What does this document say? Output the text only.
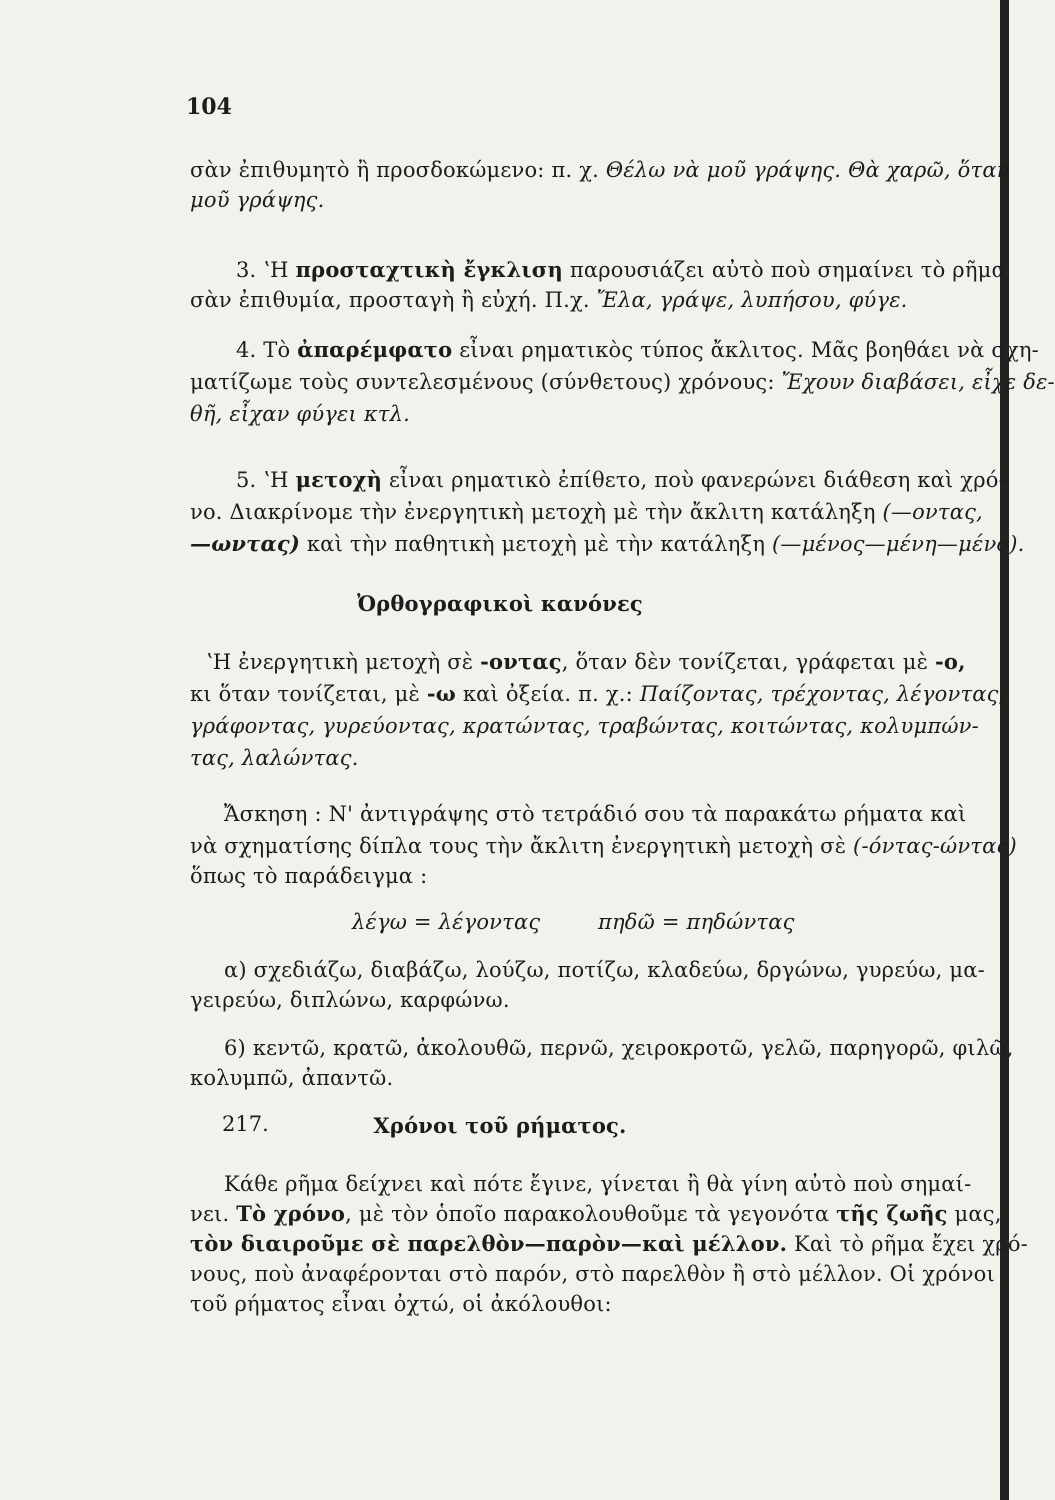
104
σὰν ἐπιθυμητὸ ἢ προσδοκώμενο: π. χ. Θέλω νὰ μοῦ γράψης. Θὰ χαρῶ, ὅταν
μοῦ γράψης.
3. ʽΗ προσταχτικὴ ἔγκλιση παρουσιάζει αὐτὸ ποὺ σημαίνει τὸ ρῆμα
σὰν ἐπιθυμία, προσταγὴ ἢ εὐχή. Π.χ. Ἔλα, γράψε, λυπήσου, φύγε.
4. Τὸ ἀπαρέμφατο εἶναι ρηματικὸς τύπος ἄκλιτος. Μᾶς βοηθάει νὰ σχη-
ματίζωμε τοὺς συντελεσμένους (σύνθετους) χρόνους: Ἔχουν διαβάσει, εἶχε δε-
θῆ, εἶχαν φύγει κτλ.
5. ʽΗ μετοχὴ εἶναι ρηματικὸ ἐπίθετο, ποὺ φανερώνει διάθεση καὶ χρό-
νο. Διακρίνομε τὴν ἐνεργητικὴ μετοχὴ μὲ τὴν ἄκλιτη κατάληξη (—οντας,
—ωντας) καὶ τὴν παθητικὴ μετοχὴ μὲ τὴν κατάληξη (—μένος—μένη—μένο).
Ὀρθογραφικοὶ κανόνες
ʽΗ ἐνεργητικὴ μετοχὴ σὲ -οντας, ὅταν δὲν τονίζεται, γράφεται μὲ -ο,
κι ὅταν τονίζεται, μὲ -ω καὶ ὀξεία. π. χ.: Παίζοντας, τρέχοντας, λέγοντας,
γράφοντας, γυρεύοντας, κρατώντας, τραβώντας, κοιτώντας, κολυμπών-
τας, λαλώντας.
Ἄσκηση : Ν' ἀντιγράψης στὸ τετράδιό σου τὰ παρακάτω ρήματα καὶ
νὰ σχηματίσης δίπλα τους τὴν ἄκλιτη ἐνεργητικὴ μετοχὴ σὲ (-όντας-ώντας)
ὅπως τὸ παράδειγμα :
λέγω = λέγοντας	πηδῶ = πηδώντας
α) σχεδιάζω, διαβάζω, λούζω, ποτίζω, κλαδεύω, δργώνω, γυρεύω, μα-
γειρεύω, διπλώνω, καρφώνω.
6) κεντῶ, κρατῶ, ἀκολουθῶ, περνῶ, χειροκροτῶ, γελῶ, παρηγορῶ, φιλῶ,
κολυμπῶ, ἀπαντῶ.
217.	Χρόνοι τοῦ ρήματος.
Κάθε ρῆμα δείχνει καὶ πότε ἔγινε, γίνεται ἢ θὰ γίνη αὐτὸ ποὺ σημαί-
νει. Τὸ χρόνο, μὲ τὸν ὁποῖο παρακολουθοῦμε τὰ γεγονότα τῆς ζωῆς μας,
τὸν διαιροῦμε σὲ παρελθὸν—παρὸν—καὶ μέλλον. Καὶ τὸ ρῆμα ἔχει χρό-
νους, ποὺ ἀναφέρονται στὸ παρόν, στὸ παρελθὸν ἢ στὸ μέλλον. Οἱ χρόνοι
τοῦ ρήματος εἶναι ὀχτώ, οἱ ἀκόλουθοι:
